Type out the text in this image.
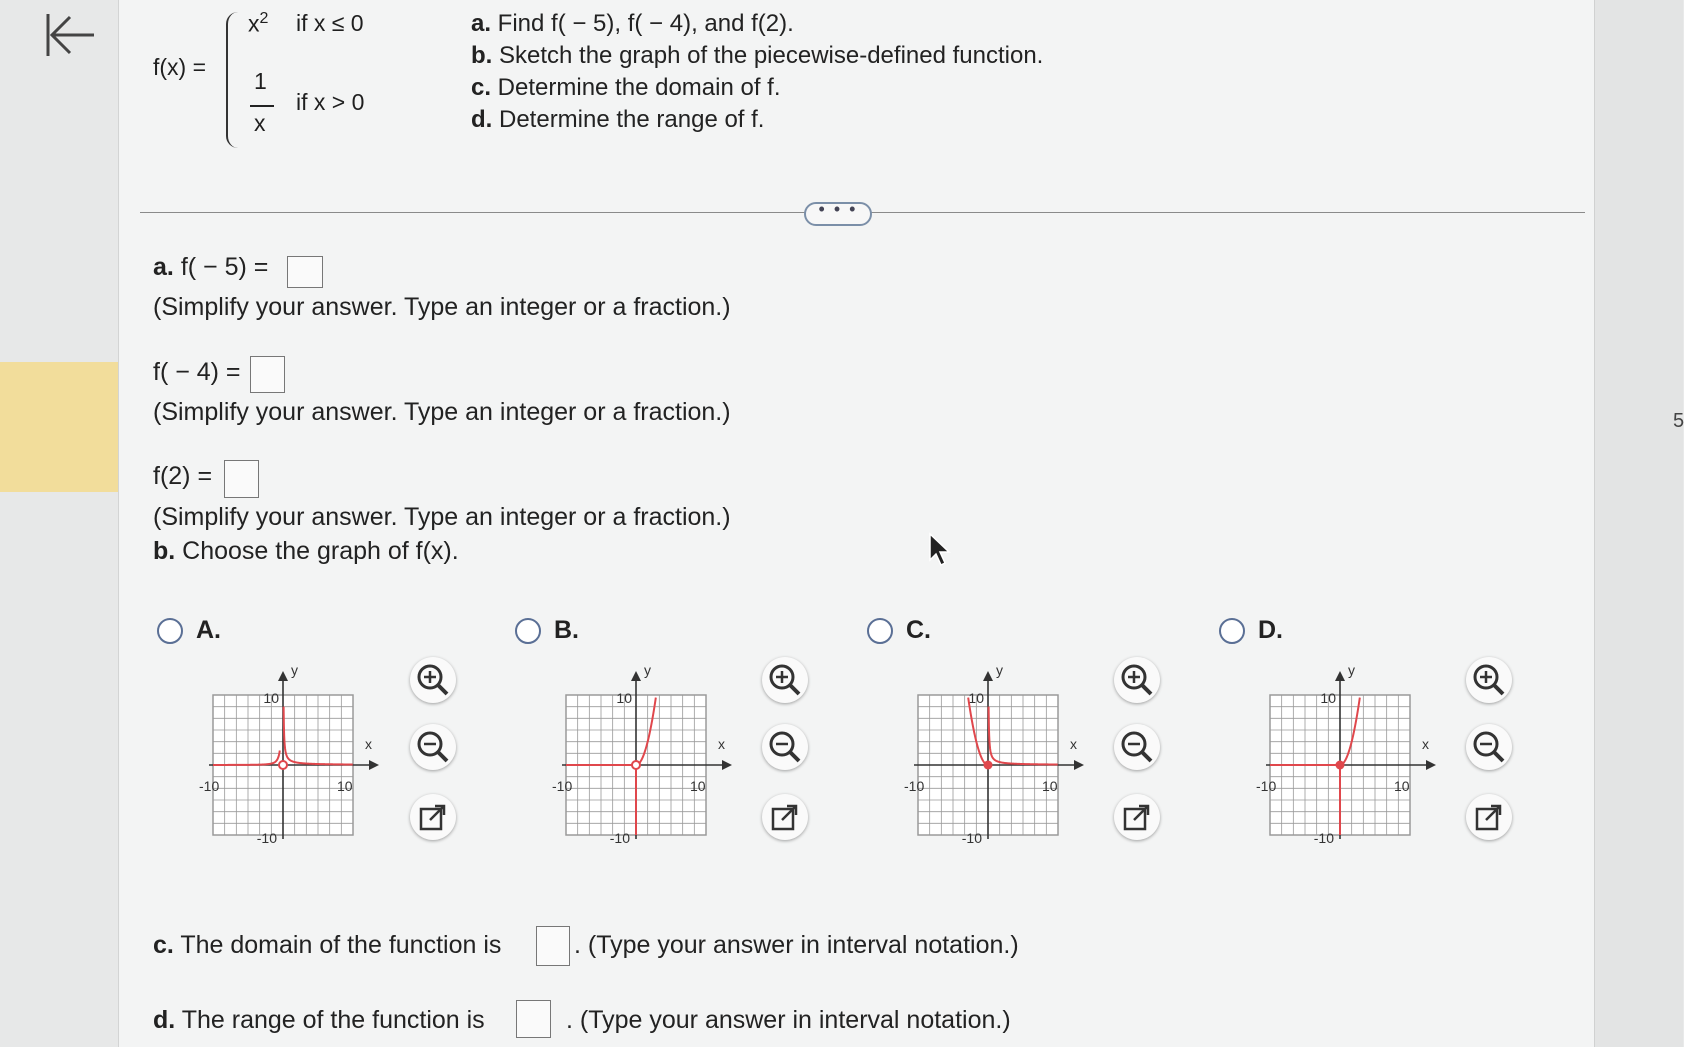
5
f(x) =
$x^2$ if x ≤ 0
1
x
if x > 0
a. Find f( − 5), f( − 4), and f(2).
b. Sketch the graph of the piecewise-defined function.
c. Determine the domain of f.
d. Determine the range of f.
• • •
a. f( − 5) =
(Simplify your answer. Type an integer or a fraction.)
f( − 4) =
(Simplify your answer. Type an integer or a fraction.)
f(2) =
(Simplify your answer. Type an integer or a fraction.)
b. Choose the graph of f(x).
A.	B.	C.	D.
y
x
10
10
-10
-10
y
x
10
10
-10
-10
y
x
10
10
-10
-10
y
x
10
10
-10
-10
c. The domain of the function is	. (Type your answer in interval notation.)
d. The range of the function is	. (Type your answer in interval notation.)
